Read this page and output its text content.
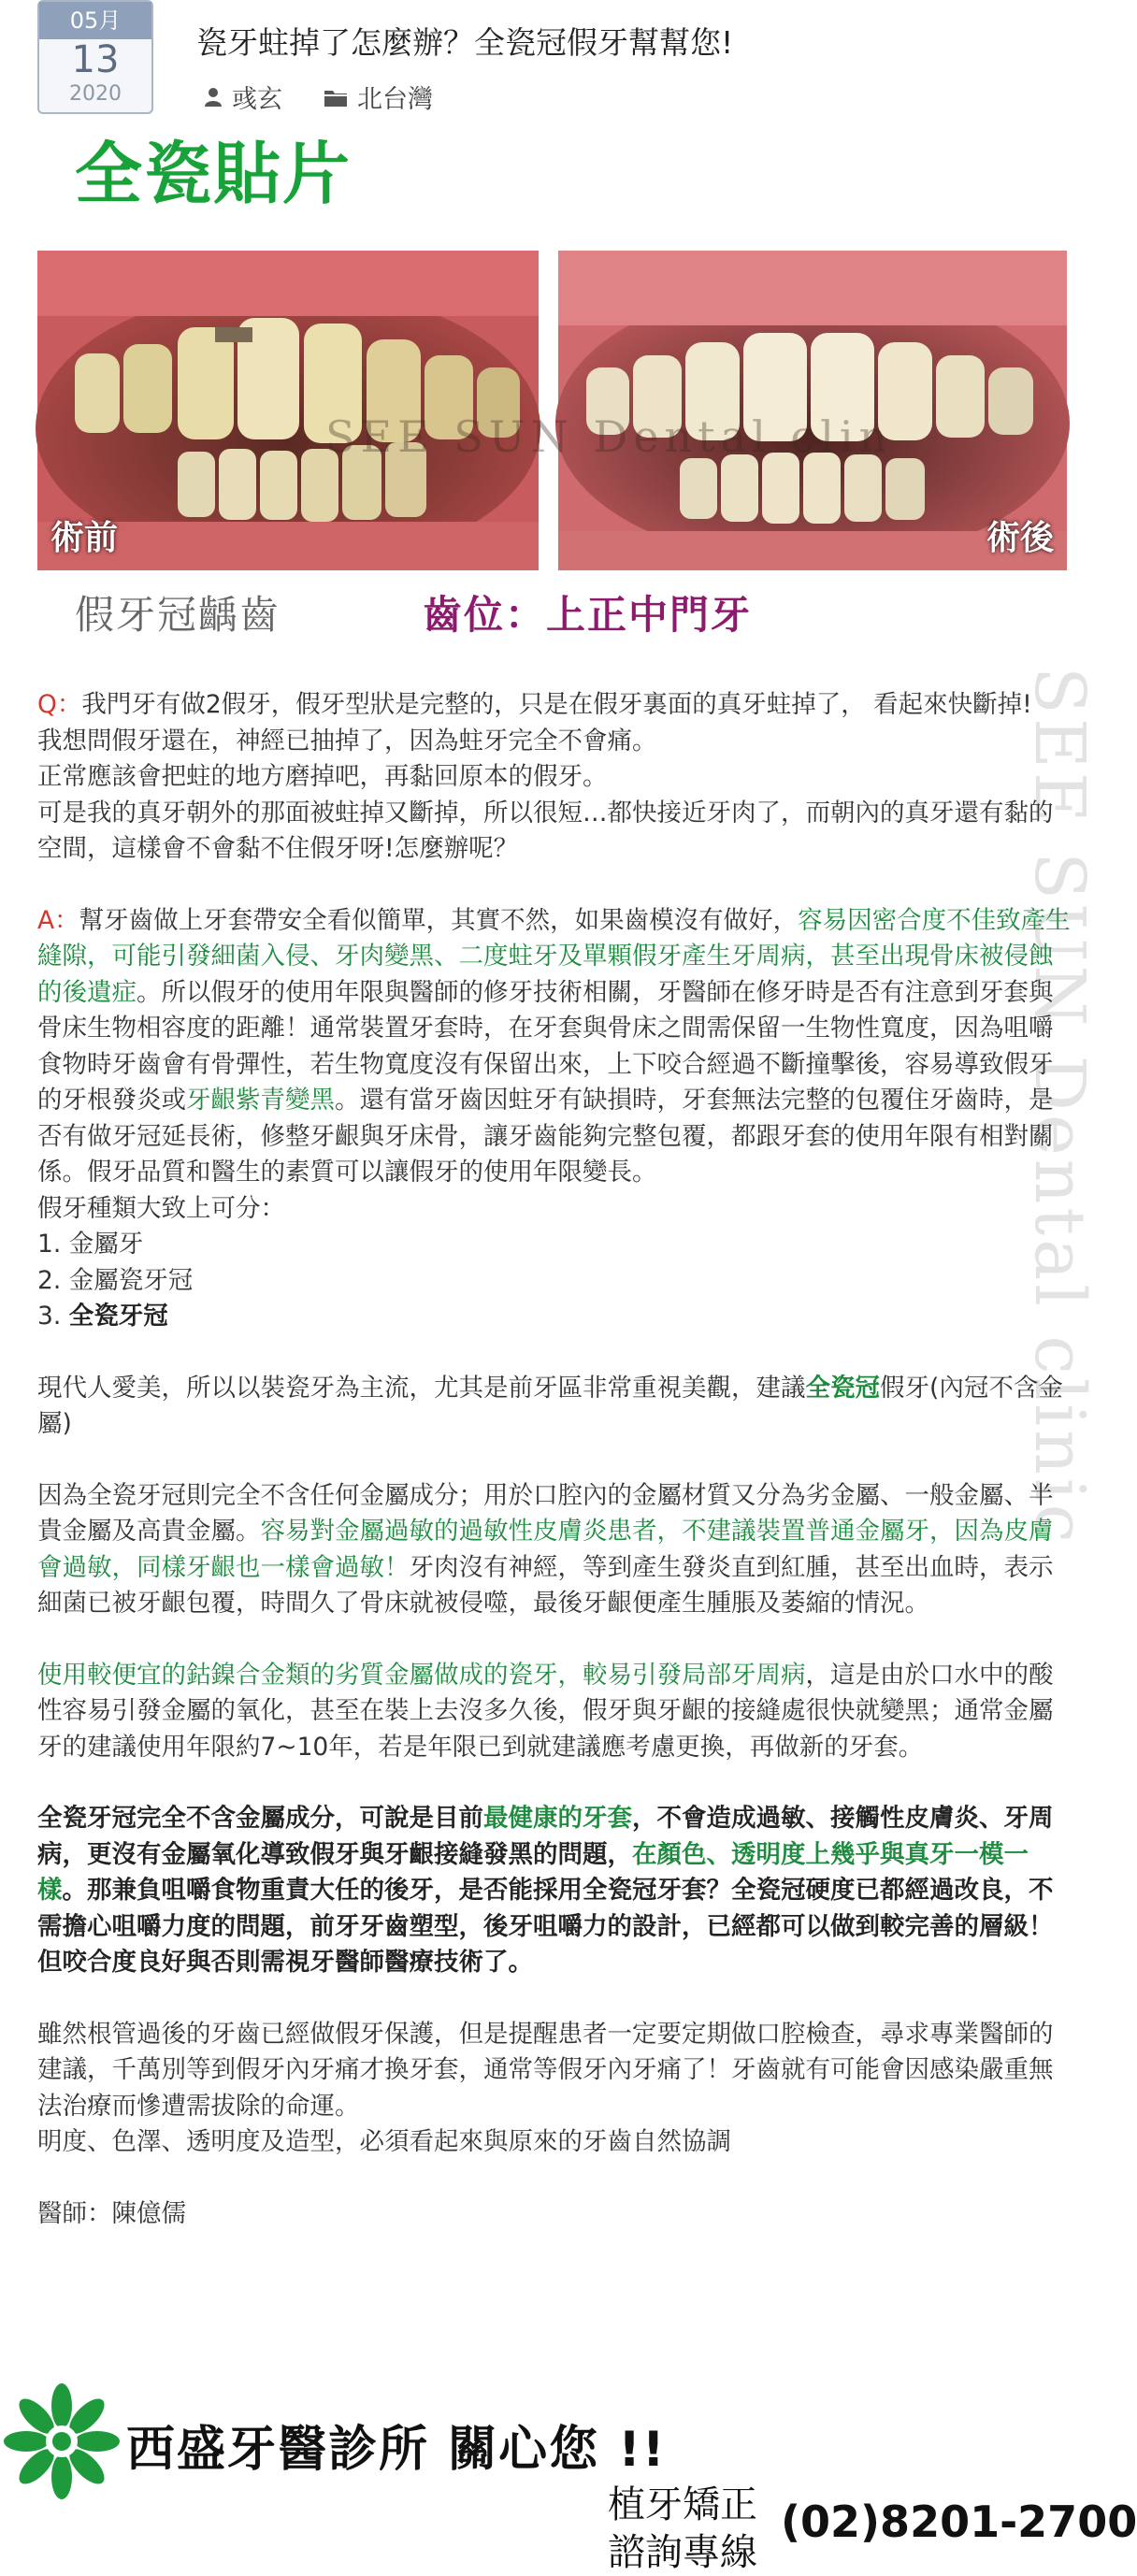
05月
13
2020
瓷牙蛀掉了怎麼辦？全瓷冠假牙幫幫您!
彧玄	北台灣
全瓷貼片
術前	術後
SEE SUN Dental clin
假牙冠齲齒	齒位：上正中門牙
SEE SUN Dental clinic

Q：我門牙有做2假牙，假牙型狀是完整的，只是在假牙裏面的真牙蛀掉了， 看起來快斷掉!

我想問假牙還在，神經已抽掉了，因為蛀牙完全不會痛。

正常應該會把蛀的地方磨掉吧，再黏回原本的假牙。

可是我的真牙朝外的那面被蛀掉又斷掉，所以很短…都快接近牙肉了，而朝內的真牙還有黏的空間，這樣會不會黏不住假牙呀!怎麼辦呢？

A：幫牙齒做上牙套帶安全看似簡單，其實不然，如果齒模沒有做好，容易因密合度不佳致產生縫隙，可能引發細菌入侵、牙肉變黑、二度蛀牙及單顆假牙產生牙周病，甚至出現骨床被侵蝕的後遺症。所以假牙的使用年限與醫師的修牙技術相關，牙醫師在修牙時是否有注意到牙套與骨床生物相容度的距離！通常裝置牙套時，在牙套與骨床之間需保留一生物性寬度，因為咀嚼食物時牙齒會有骨彈性，若生物寬度沒有保留出來，上下咬合經過不斷撞擊後，容易導致假牙的牙根發炎或牙齦紫青變黑。還有當牙齒因蛀牙有缺損時，牙套無法完整的包覆住牙齒時，是否有做牙冠延長術，修整牙齦與牙床骨，讓牙齒能夠完整包覆，都跟牙套的使用年限有相對關係。假牙品質和醫生的素質可以讓假牙的使用年限變長。

假牙種類大致上可分：

1. 金屬牙

2. 金屬瓷牙冠

3. 全瓷牙冠

現代人愛美，所以以裝瓷牙為主流，尤其是前牙區非常重視美觀，建議全瓷冠假牙(內冠不含金屬)

因為全瓷牙冠則完全不含任何金屬成分；用於口腔內的金屬材質又分為劣金屬、一般金屬、半貴金屬及高貴金屬。容易對金屬過敏的過敏性皮膚炎患者，不建議裝置普通金屬牙，因為皮膚會過敏，同樣牙齦也一樣會過敏！牙肉沒有神經，等到產生發炎直到紅腫，甚至出血時，表示細菌已被牙齦包覆，時間久了骨床就被侵噬，最後牙齦便產生腫脹及萎縮的情況。

使用較便宜的鈷鎳合金類的劣質金屬做成的瓷牙，較易引發局部牙周病，這是由於口水中的酸性容易引發金屬的氧化，甚至在裝上去沒多久後，假牙與牙齦的接縫處很快就變黑；通常金屬牙的建議使用年限約7~10年，若是年限已到就建議應考慮更換，再做新的牙套。

全瓷牙冠完全不含金屬成分，可說是目前最健康的牙套，不會造成過敏、接觸性皮膚炎、牙周病，更沒有金屬氧化導致假牙與牙齦接縫發黑的問題，在顏色、透明度上幾乎與真牙一模一樣。那兼負咀嚼食物重責大任的後牙，是否能採用全瓷冠牙套？全瓷冠硬度已都經過改良，不需擔心咀嚼力度的問題，前牙牙齒塑型，後牙咀嚼力的設計，已經都可以做到較完善的層級！但咬合度良好與否則需視牙醫師醫療技術了。

雖然根管過後的牙齒已經做假牙保護，但是提醒患者一定要定期做口腔檢查，尋求專業醫師的建議，千萬別等到假牙內牙痛才換牙套，通常等假牙內牙痛了！牙齒就有可能會因感染嚴重無法治療而慘遭需拔除的命運。

明度、色澤、透明度及造型，必須看起來與原來的牙齒自然協調

醫師：陳億儒

西盛牙醫診所 關心您 !!
植牙矯正
諮詢專線
(02)8201-2700
